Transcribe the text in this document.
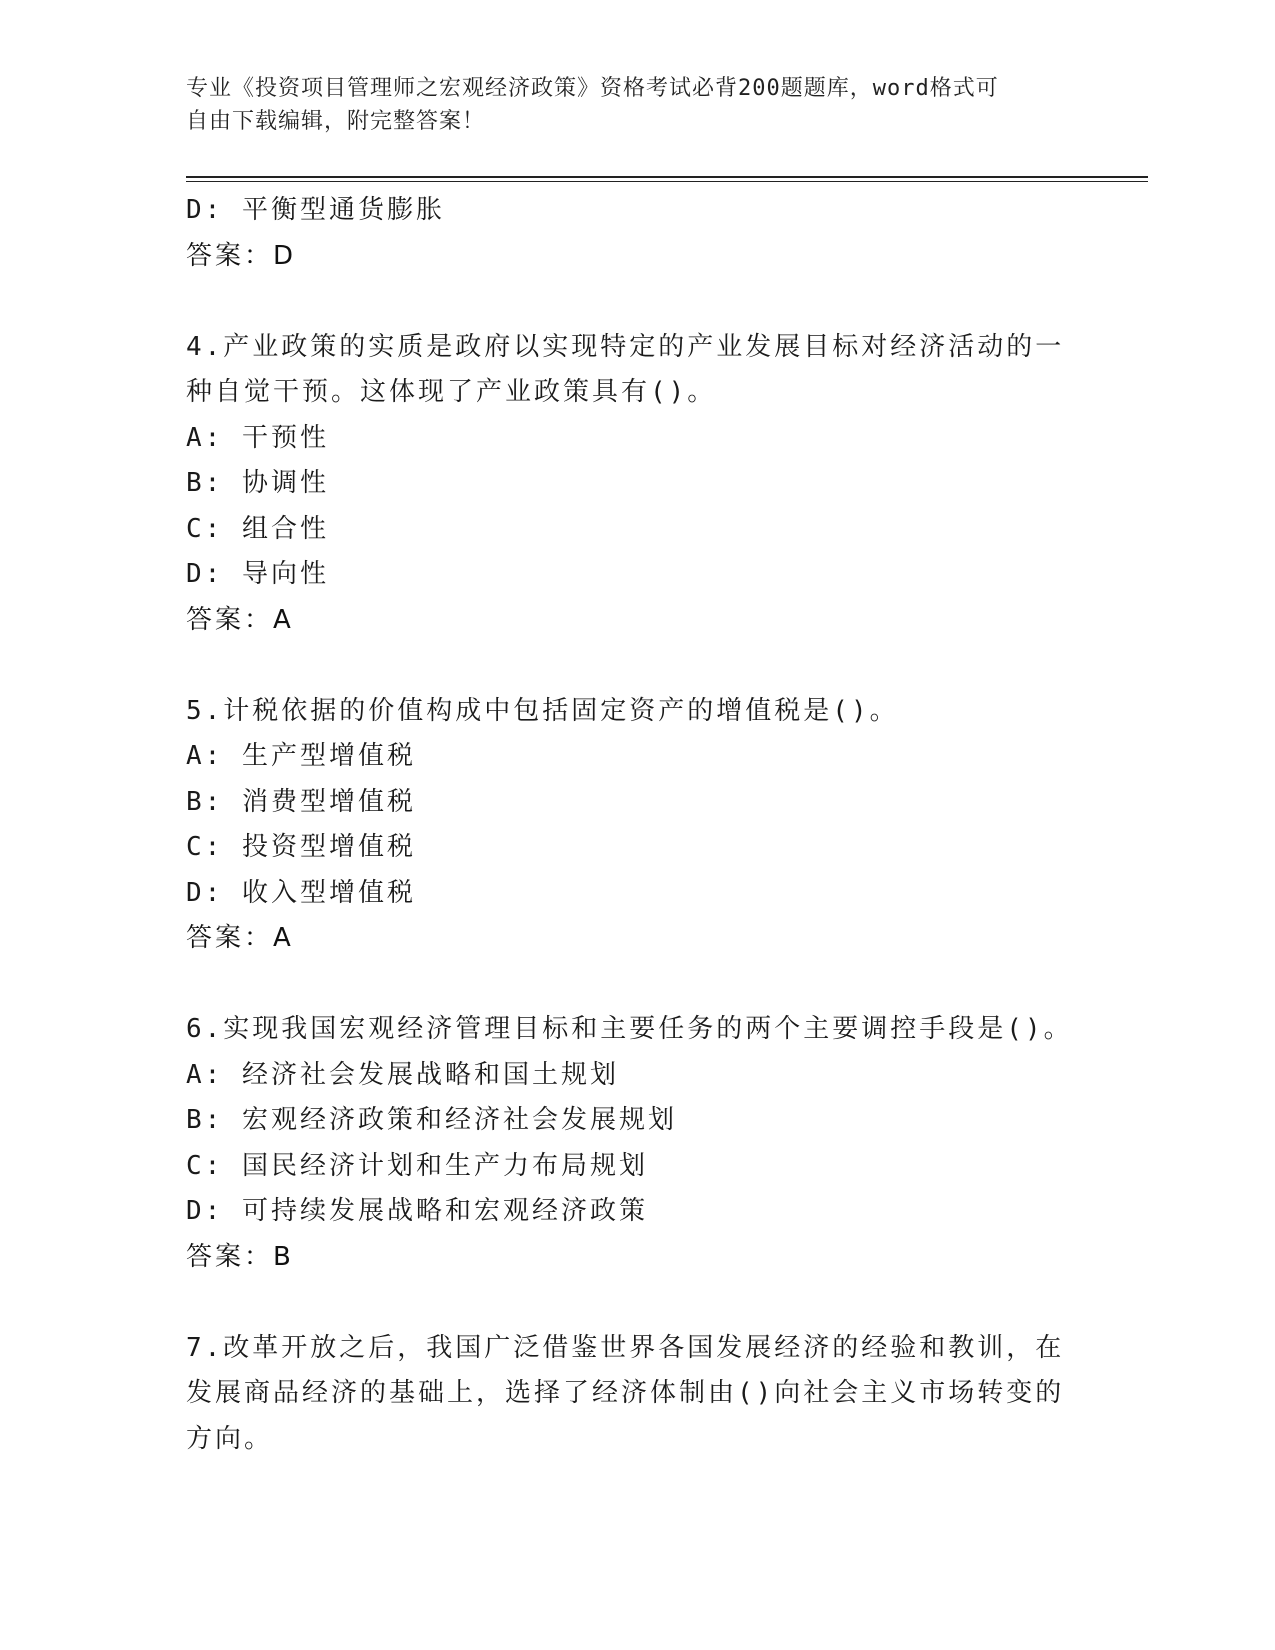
专业《投资项目管理师之宏观经济政策》资格考试必背200题题库，word格式可
自由下载编辑，附完整答案！
D: 平衡型通货膨胀
答案：D
4.产业政策的实质是政府以实现特定的产业发展目标对经济活动的一
种自觉干预。这体现了产业政策具有()。
A: 干预性
B: 协调性
C: 组合性
D: 导向性
答案：A
5.计税依据的价值构成中包括固定资产的增值税是()。
A: 生产型增值税
B: 消费型增值税
C: 投资型增值税
D: 收入型增值税
答案：A
6.实现我国宏观经济管理目标和主要任务的两个主要调控手段是()。
A: 经济社会发展战略和国土规划
B: 宏观经济政策和经济社会发展规划
C: 国民经济计划和生产力布局规划
D: 可持续发展战略和宏观经济政策
答案：B
7.改革开放之后，我国广泛借鉴世界各国发展经济的经验和教训，在
发展商品经济的基础上，选择了经济体制由()向社会主义市场转变的
方向。
